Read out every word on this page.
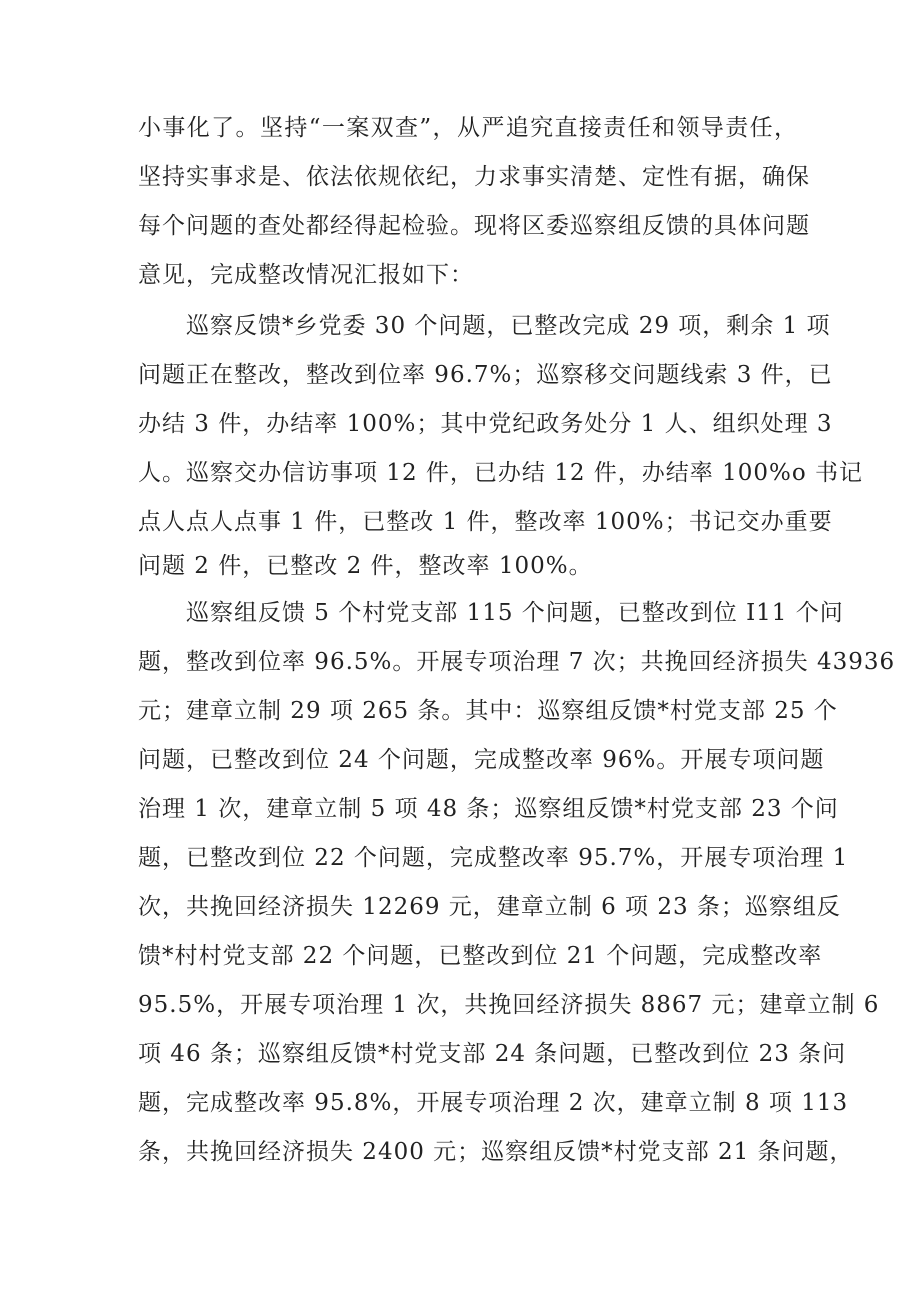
小事化了。坚持“一案双查”，从严追究直接责任和领导责任，
坚持实事求是、依法依规依纪，力求事实清楚、定性有据，确保
每个问题的查处都经得起检验。现将区委巡察组反馈的具体问题
意见，完成整改情况汇报如下：
巡察反馈*乡党委 30 个问题，已整改完成 29 项，剩余 1 项
问题正在整改，整改到位率 96.7%；巡察移交问题线索 3 件，已
办结 3 件，办结率 100%；其中党纪政务处分 1 人、组织处理 3
人。巡察交办信访事项 12 件，已办结 12 件，办结率 100%o 书记
点人点人点事 1 件，已整改 1 件，整改率 100%；书记交办重要
问题 2 件，已整改 2 件，整改率 100%。
巡察组反馈 5 个村党支部 115 个问题，已整改到位 I11 个问
题，整改到位率 96.5%。开展专项治理 7 次；共挽回经济损失 43936
元；建章立制 29 项 265 条。其中：巡察组反馈*村党支部 25 个
问题，已整改到位 24 个问题，完成整改率 96%。开展专项问题
治理 1 次，建章立制 5 项 48 条；巡察组反馈*村党支部 23 个问
题，已整改到位 22 个问题，完成整改率 95.7%，开展专项治理 1
次，共挽回经济损失 12269 元，建章立制 6 项 23 条；巡察组反
馈*村村党支部 22 个问题，已整改到位 21 个问题，完成整改率
95.5%，开展专项治理 1 次，共挽回经济损失 8867 元；建章立制 6
项 46 条；巡察组反馈*村党支部 24 条问题，已整改到位 23 条问
题，完成整改率 95.8%，开展专项治理 2 次，建章立制 8 项 113
条，共挽回经济损失 2400 元；巡察组反馈*村党支部 21 条问题，
